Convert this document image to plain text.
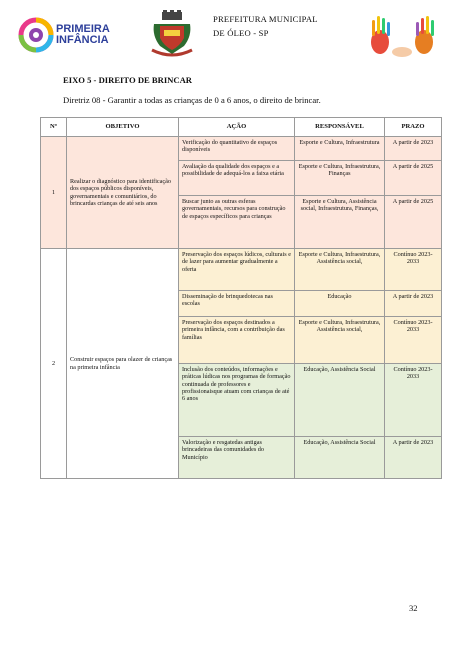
PRIMEIRA
INFÂNCIA
PREFEITURA MUNICIPAL
DE ÓLEO - SP
EIXO 5 - DIREITO DE BRINCAR
Diretriz 08 - Garantir a todas as crianças de 0 a 6 anos, o direito de brincar.
Nº	OBJETIVO	AÇÃO	RESPONSÁVEL	PRAZO
1	Realizar o diagnóstico para identificação dos espaços públicos disponíveis, governamentais e comunitários, do brincardas crianças de até seis anos	Verificação do quantitativo de espaços disponíveis	Esporte e Cultura, Infraestrutura	A partir de 2023
		Avaliação da qualidade dos espaços e a possibilidade de adequá-los a faixa etária	Esporte e Cultura, Infraestrutura, Finanças	A partir de 2025
		Buscar junto as outras esferas governamentais, recursos para construção de espaços específicos para crianças	Esporte e Cultura, Assistência social, Infraestrutura, Finanças,	A partir de 2025
2	Construir espaços para olazer de crianças na primeira infância	Preservação dos espaços lúdicos, culturais e de lazer para aumentar gradualmente a oferta	Esporte e Cultura, Infraestrutura, Assistência social,	Contínuo 2023-2033
		Disseminação de brinquedotecas nas escolas	Educação	A partir de 2023
		Preservação dos espaços destinados a primeira infância, com a contribuição das famílias	Esporte e Cultura, Infraestrutura, Assistência social,	Contínuo 2023-2033
		Inclusão dos conteúdos, informações e práticas lúdicas nos programas de formação continuada de professores e profissionaisque atuam com crianças de até 6 anos	Educação, Assistência Social	Contínuo 2023-2033
		Valorização e resgatedas antigas brincadeiras das comunidades do Município	Educação, Assistência Social	A partir de 2023
32
